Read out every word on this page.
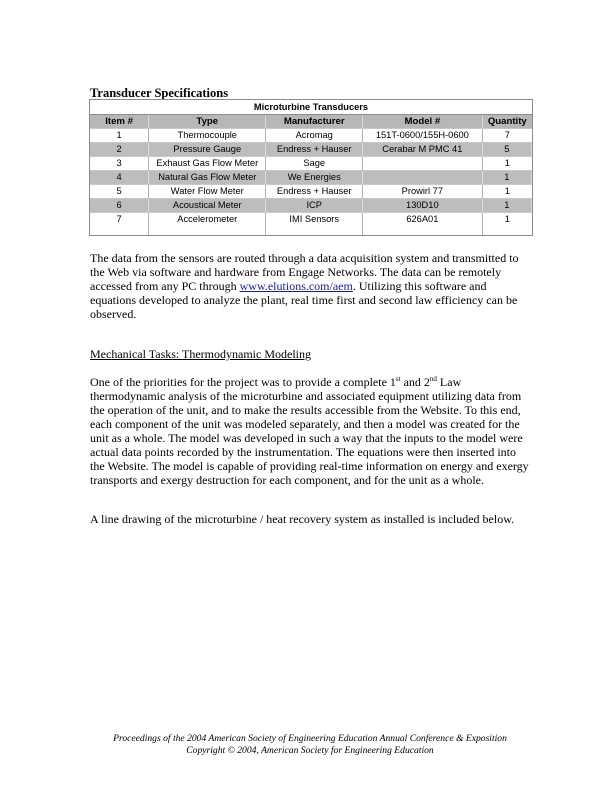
Transducer Specifications
Microturbine Transducers				
Item #	Type	Manufacturer	Model #	Quantity
1	Thermocouple	Acromag	151T-0600/155H-0600	7
2	Pressure Gauge	Endress + Hauser	Cerabar M PMC 41	5
3	Exhaust Gas Flow Meter	Sage		1
4	Natural Gas Flow Meter	We Energies		1
5	Water Flow Meter	Endress + Hauser	Prowirl 77	1
6	Acoustical Meter	ICP	130D10	1
7	Accelerometer	IMI Sensors	626A01	1

The data from the sensors are routed through a data acquisition system and transmitted to the Web via software and hardware from Engage Networks. The data can be remotely accessed from any PC through www.elutions.com/aem. Utilizing this software and equations developed to analyze the plant, real time first and second law efficiency can be observed.

Mechanical Tasks: Thermodynamic Modeling

One of the priorities for the project was to provide a complete 1st and 2nd Law thermodynamic analysis of the microturbine and associated equipment utilizing data from the operation of the unit, and to make the results accessible from the Website. To this end, each component of the unit was modeled separately, and then a model was created for the unit as a whole. The model was developed in such a way that the inputs to the model were actual data points recorded by the instrumentation. The equations were then inserted into the Website. The model is capable of providing real-time information on energy and exergy transports and exergy destruction for each component, and for the unit as a whole.

A line drawing of the microturbine / heat recovery system as installed is included below.

Proceedings of the 2004 American Society of Engineering Education Annual Conference & Exposition
Copyright © 2004, American Society for Engineering Education
